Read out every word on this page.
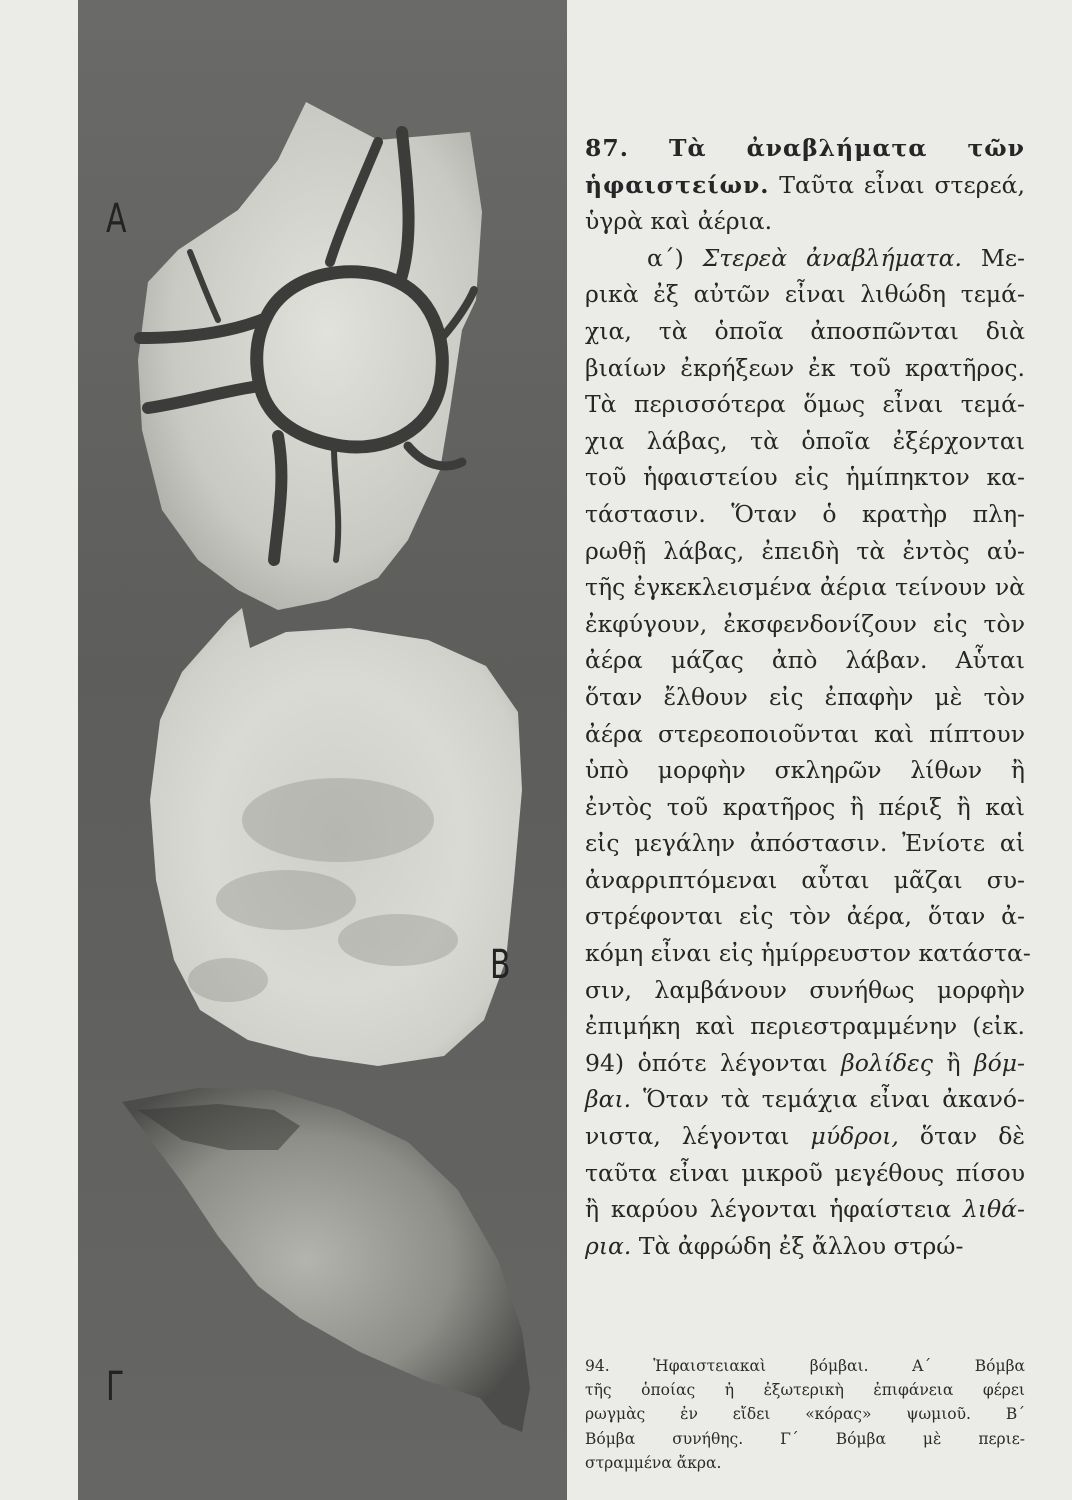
Α
Β
Γ
87. Τὰ ἀναβλήματα τῶν
ἡφαιστείων. Ταῦτα εἶναι στερεά,
ὑγρὰ καὶ ἀέρια.
α΄) Στερεὰ ἀναβλήματα. Με-
ρικὰ ἐξ αὐτῶν εἶναι λιθώδη τεμά-
χια, τὰ ὁποῖα ἀποσπῶνται διὰ
βιαίων ἐκρήξεων ἐκ τοῦ κρατῆρος.
Τὰ περισσότερα ὅμως εἶναι τεμά-
χια λάβας, τὰ ὁποῖα ἐξέρχονται
τοῦ ἡφαιστείου εἰς ἡμίπηκτον κα-
τάστασιν. Ὅταν ὁ κρατὴρ πλη-
ρωθῇ λάβας, ἐπειδὴ τὰ ἐντὸς αὐ-
τῆς ἐγκεκλεισμένα ἀέρια τείνουν νὰ
ἐκφύγουν, ἐκσφενδονίζουν εἰς τὸν
ἀέρα μάζας ἀπὸ λάβαν. Αὗται
ὅταν ἔλθουν εἰς ἐπαφὴν μὲ τὸν
ἀέρα στερεοποιοῦνται καὶ πίπτουν
ὑπὸ μορφὴν σκληρῶν λίθων ἢ
ἐντὸς τοῦ κρατῆρος ἢ πέριξ ἢ καὶ
εἰς μεγάλην ἀπόστασιν. Ἐνίοτε αἱ
ἀναρριπτόμεναι αὗται μᾶζαι συ-
στρέφονται εἰς τὸν ἀέρα, ὅταν ἀ-
κόμη εἶναι εἰς ἡμίρρευστον κατάστα-
σιν, λαμβάνουν συνήθως μορφὴν
ἐπιμήκη καὶ περιεστραμμένην (εἰκ.
94) ὁπότε λέγονται βολίδες ἢ βόμ-
βαι. Ὅταν τὰ τεμάχια εἶναι ἀκανό-
νιστα, λέγονται μύδροι, ὅταν δὲ
ταῦτα εἶναι μικροῦ μεγέθους πίσου
ἢ καρύου λέγονται ἡφαίστεια λιθά-
ρια. Τὰ ἀφρώδη ἐξ ἄλλου στρώ-
94. Ἡφαιστειακαὶ βόμβαι. Α΄ Βόμβα
τῆς ὁποίας ἡ ἐξωτερικὴ ἐπιφάνεια φέρει
ρωγμὰς ἐν εἴδει «κόρας» ψωμιοῦ. Β΄
Βόμβα συνήθης. Γ΄ Βόμβα μὲ περιε-
στραμμένα ἄκρα.
